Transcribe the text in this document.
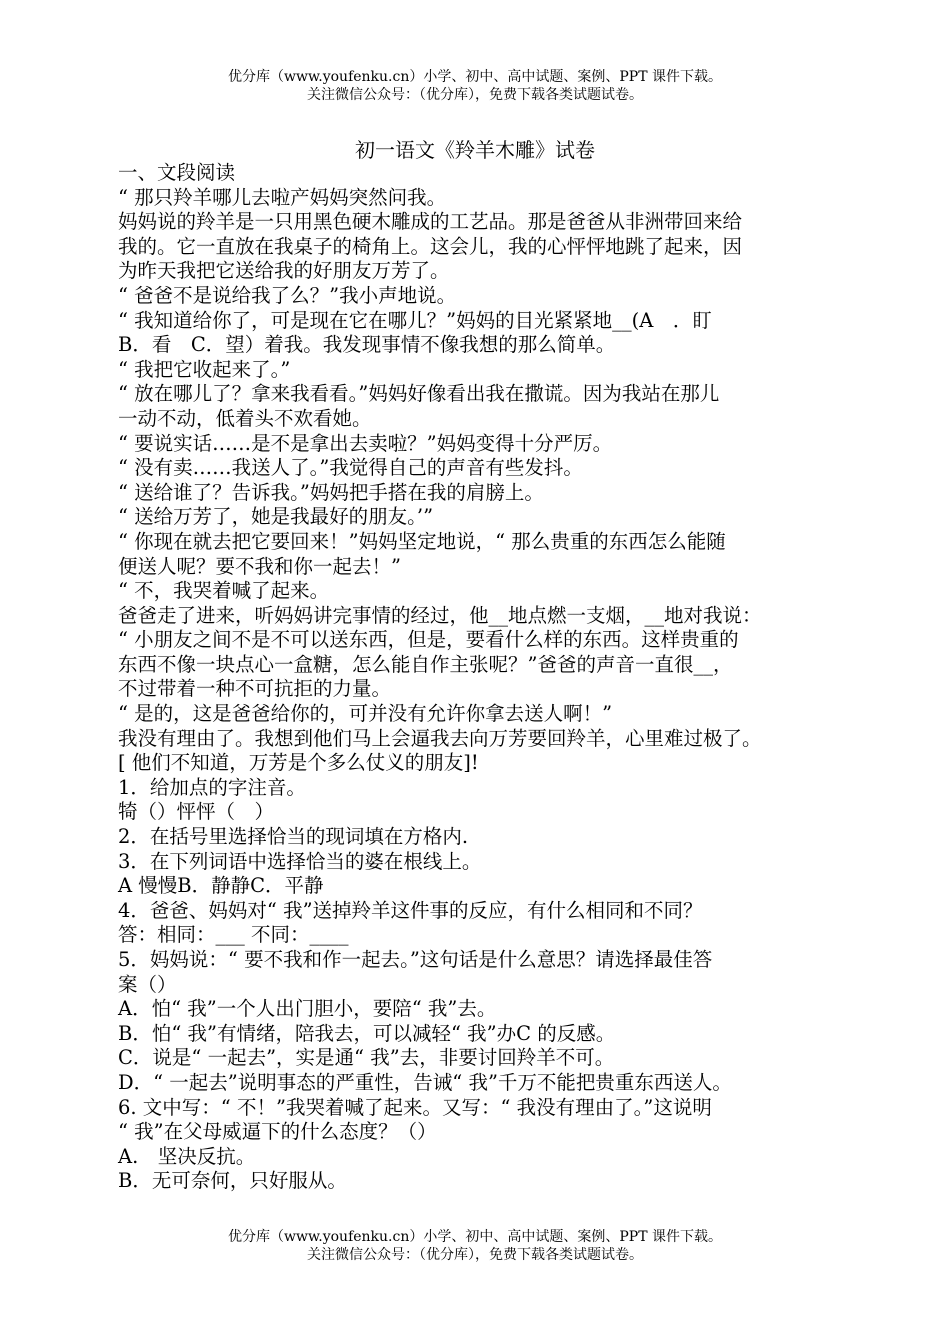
优分库（www.youfenku.cn）小学、初中、高中试题、案例、PPT 课件下载。
关注微信公众号：（优分库），免费下载各类试题试卷。
初一语文《羚羊木雕》试卷
一、文段阅读
“ 那只羚羊哪儿去啦产妈妈突然问我。
妈妈说的羚羊是一只用黑色硬木雕成的工艺品。那是爸爸从非洲带回来给
我的。它一直放在我桌子的椅角上。这会儿，我的心怦怦地跳了起来，因
为昨天我把它送给我的好朋友万芳了。
“ 爸爸不是说给我了么？”我小声地说。
“ 我知道给你了，可是现在它在哪儿？”妈妈的目光紧紧地__(A　．盯
B．看　C．望）着我。我发现事情不像我想的那么简单。
“ 我把它收起来了。”
“ 放在哪儿了？拿来我看看。”妈妈好像看出我在撒谎。因为我站在那儿
一动不动，低着头不欢看她。
“ 要说实话……是不是拿出去卖啦？”妈妈变得十分严厉。
“ 没有卖……我送人了。”我觉得自己的声音有些发抖。
“ 送给谁了？告诉我。”妈妈把手搭在我的肩膀上。
“ 送给万芳了，她是我最好的朋友。’”
“ 你现在就去把它要回来！”妈妈坚定地说，“ 那么贵重的东西怎么能随
便送人呢？要不我和你一起去！”
“ 不，我哭着喊了起来。
爸爸走了进来，听妈妈讲完事情的经过，他__地点燃一支烟，__地对我说：
“ 小朋友之间不是不可以送东西，但是，要看什么样的东西。这样贵重的
东西不像一块点心一盒糖，怎么能自作主张呢？”爸爸的声音一直很__，
不过带着一种不可抗拒的力量。
“ 是的，这是爸爸给你的，可并没有允许你拿去送人啊！”
我没有理由了。我想到他们马上会逼我去向万芳要回羚羊，心里难过极了。
[ 他们不知道，万芳是个多么仗义的朋友]!
1．给加点的字注音。
犄（）怦怦（　）
2．在括号里选择恰当的现词填在方格内.
3．在下列词语中选择恰当的婆在根线上。
A 慢慢B．静静C．平静
4．爸爸、妈妈对“ 我”送掉羚羊这件事的反应，有什么相同和不同？
答：相同：___ 不同：____
5．妈妈说：“ 要不我和作一起去。”这句话是什么意思？请选择最佳答
案（）
A．怕“ 我”一个人出门胆小，要陪“ 我”去。
B．怕“ 我”有情绪，陪我去，可以减轻“ 我”办C 的反感。
C．说是“ 一起去”，实是通“ 我”去，非要讨回羚羊不可。
D．“ 一起去”说明事态的严重性，告诫“ 我”千万不能把贵重东西送人。
6. 文中写：“ 不！”我哭着喊了起来。又写：“ 我没有理由了。”这说明
“ 我”在父母威逼下的什么态度？（）
A.　坚决反抗。
B．无可奈何，只好服从。
优分库（www.youfenku.cn）小学、初中、高中试题、案例、PPT 课件下载。
关注微信公众号：（优分库），免费下载各类试题试卷。
